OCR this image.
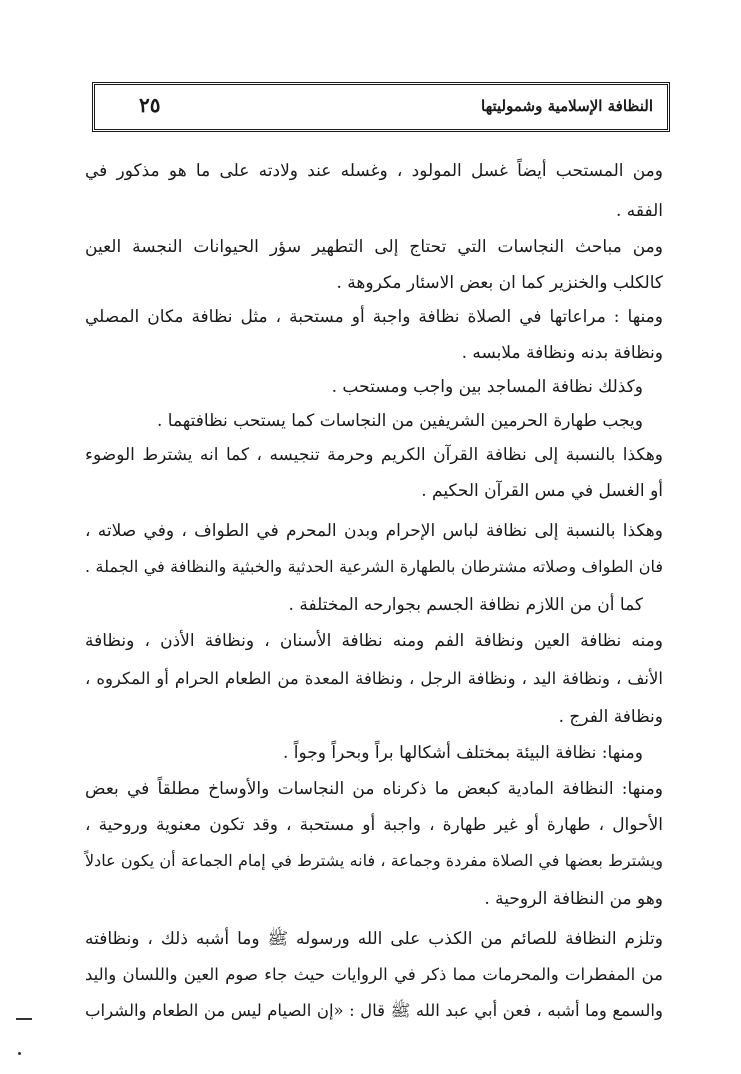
النظافة الإسلامية وشموليتها
٢٥
ومن المستحب أيضاً غسل المولود ، وغسله عند ولادته على ما هو مذكور في
الفقه .
ومن مباحث النجاسات التي تحتاج إلى التطهير سؤر الحيوانات النجسة العين
كالكلب والخنزير كما ان بعض الاسئار مكروهة .
ومنها : مراعاتها في الصلاة نظافة واجبة أو مستحبة ، مثل نظافة مكان المصلي
ونظافة بدنه ونظافة ملابسه .
وكذلك نظافة المساجد بين واجب ومستحب .
ويجب طهارة الحرمين الشريفين من النجاسات كما يستحب نظافتهما .
وهكذا بالنسبة إلى نظافة القرآن الكريم وحرمة تنجيسه ، كما انه يشترط الوضوء
أو الغسل في مس القرآن الحكيم .
وهكذا بالنسبة إلى نظافة لباس الإحرام وبدن المحرم في الطواف ، وفي صلاته ،
فان الطواف وصلاته مشترطان بالطهارة الشرعية الحدثية والخبثية والنظافة في الجملة .
كما أن من اللازم نظافة الجسم بجوارحه المختلفة .
ومنه نظافة العين ونظافة الفم ومنه نظافة الأسنان ، ونظافة الأذن ، ونظافة
الأنف ، ونظافة اليد ، ونظافة الرجل ، ونظافة المعدة من الطعام الحرام أو المكروه ،
ونظافة الفرج .
ومنها: نظافة البيئة بمختلف أشكالها براً وبحراً وجواً .
ومنها: النظافة المادية كبعض ما ذكرناه من النجاسات والأوساخ مطلقاً في بعض
الأحوال ، طهارة أو غير طهارة ، واجبة أو مستحبة ، وقد تكون معنوية وروحية ،
ويشترط بعضها في الصلاة مفردة وجماعة ، فانه يشترط في إمام الجماعة أن يكون عادلاً
وهو من النظافة الروحية .
وتلزم النظافة للصائم من الكذب على الله ورسوله ﷺ وما أشبه ذلك ، ونظافته
من المفطرات والمحرمات مما ذكر في الروايات حيث جاء صوم العين واللسان واليد
والسمع وما أشبه ، فعن أبي عبد الله ﷺ قال : «إن الصيام ليس من الطعام والشراب
